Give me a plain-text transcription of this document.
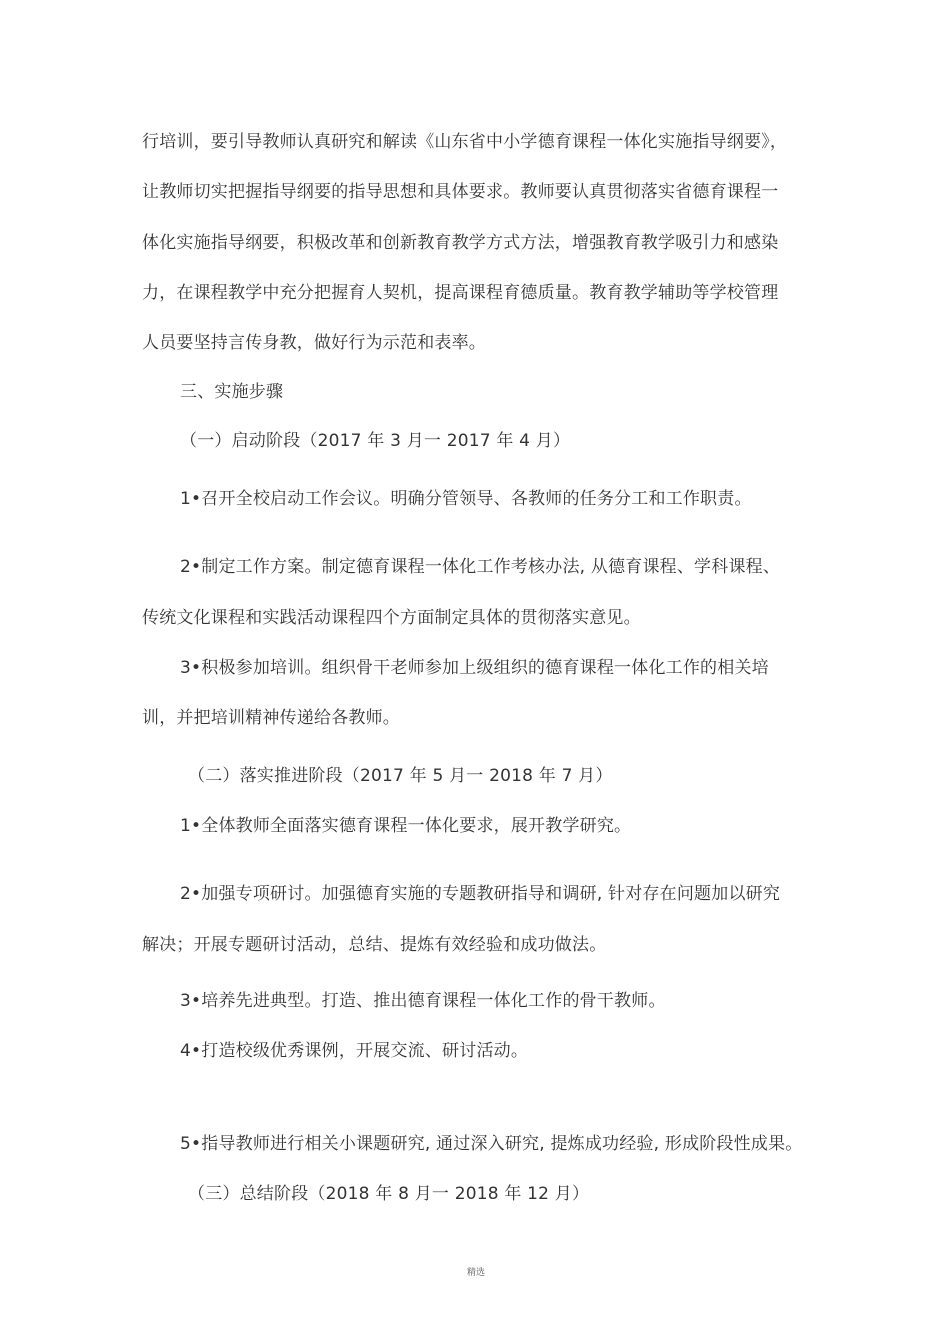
行培训，要引导教师认真研究和解读《山东省中小学德育课程一体化实施指导纲要》，

让教师切实把握指导纲要的指导思想和具体要求。教师要认真贯彻落实省德育课程一

体化实施指导纲要，积极改革和创新教育教学方式方法，增强教育教学吸引力和感染

力，在课程教学中充分把握育人契机，提高课程育德质量。教育教学辅助等学校管理

人员要坚持言传身教，做好行为示范和表率。

三、实施步骤

（一）启动阶段（2017 年 3 月一 2017 年 4 月）

1•召开全校启动工作会议。明确分管领导、各教师的任务分工和工作职责。

2•制定工作方案。制定德育课程一体化工作考核办法, 从德育课程、学科课程、

传统文化课程和实践活动课程四个方面制定具体的贯彻落实意见。

3•积极参加培训。组织骨干老师参加上级组织的德育课程一体化工作的相关培

训，并把培训精神传递给各教师。

（二）落实推进阶段（2017 年 5 月一 2018 年 7 月）

1•全体教师全面落实德育课程一体化要求，展开教学研究。

2•加强专项研讨。加强德育实施的专题教研指导和调研, 针对存在问题加以研究

解决；开展专题研讨活动，总结、提炼有效经验和成功做法。

3•培养先进典型。打造、推出德育课程一体化工作的骨干教师。

4•打造校级优秀课例，开展交流、研讨活动。

5•指导教师进行相关小课题研究, 通过深入研究, 提炼成功经验, 形成阶段性成果。

（三）总结阶段（2018 年 8 月一 2018 年 12 月）

精选
